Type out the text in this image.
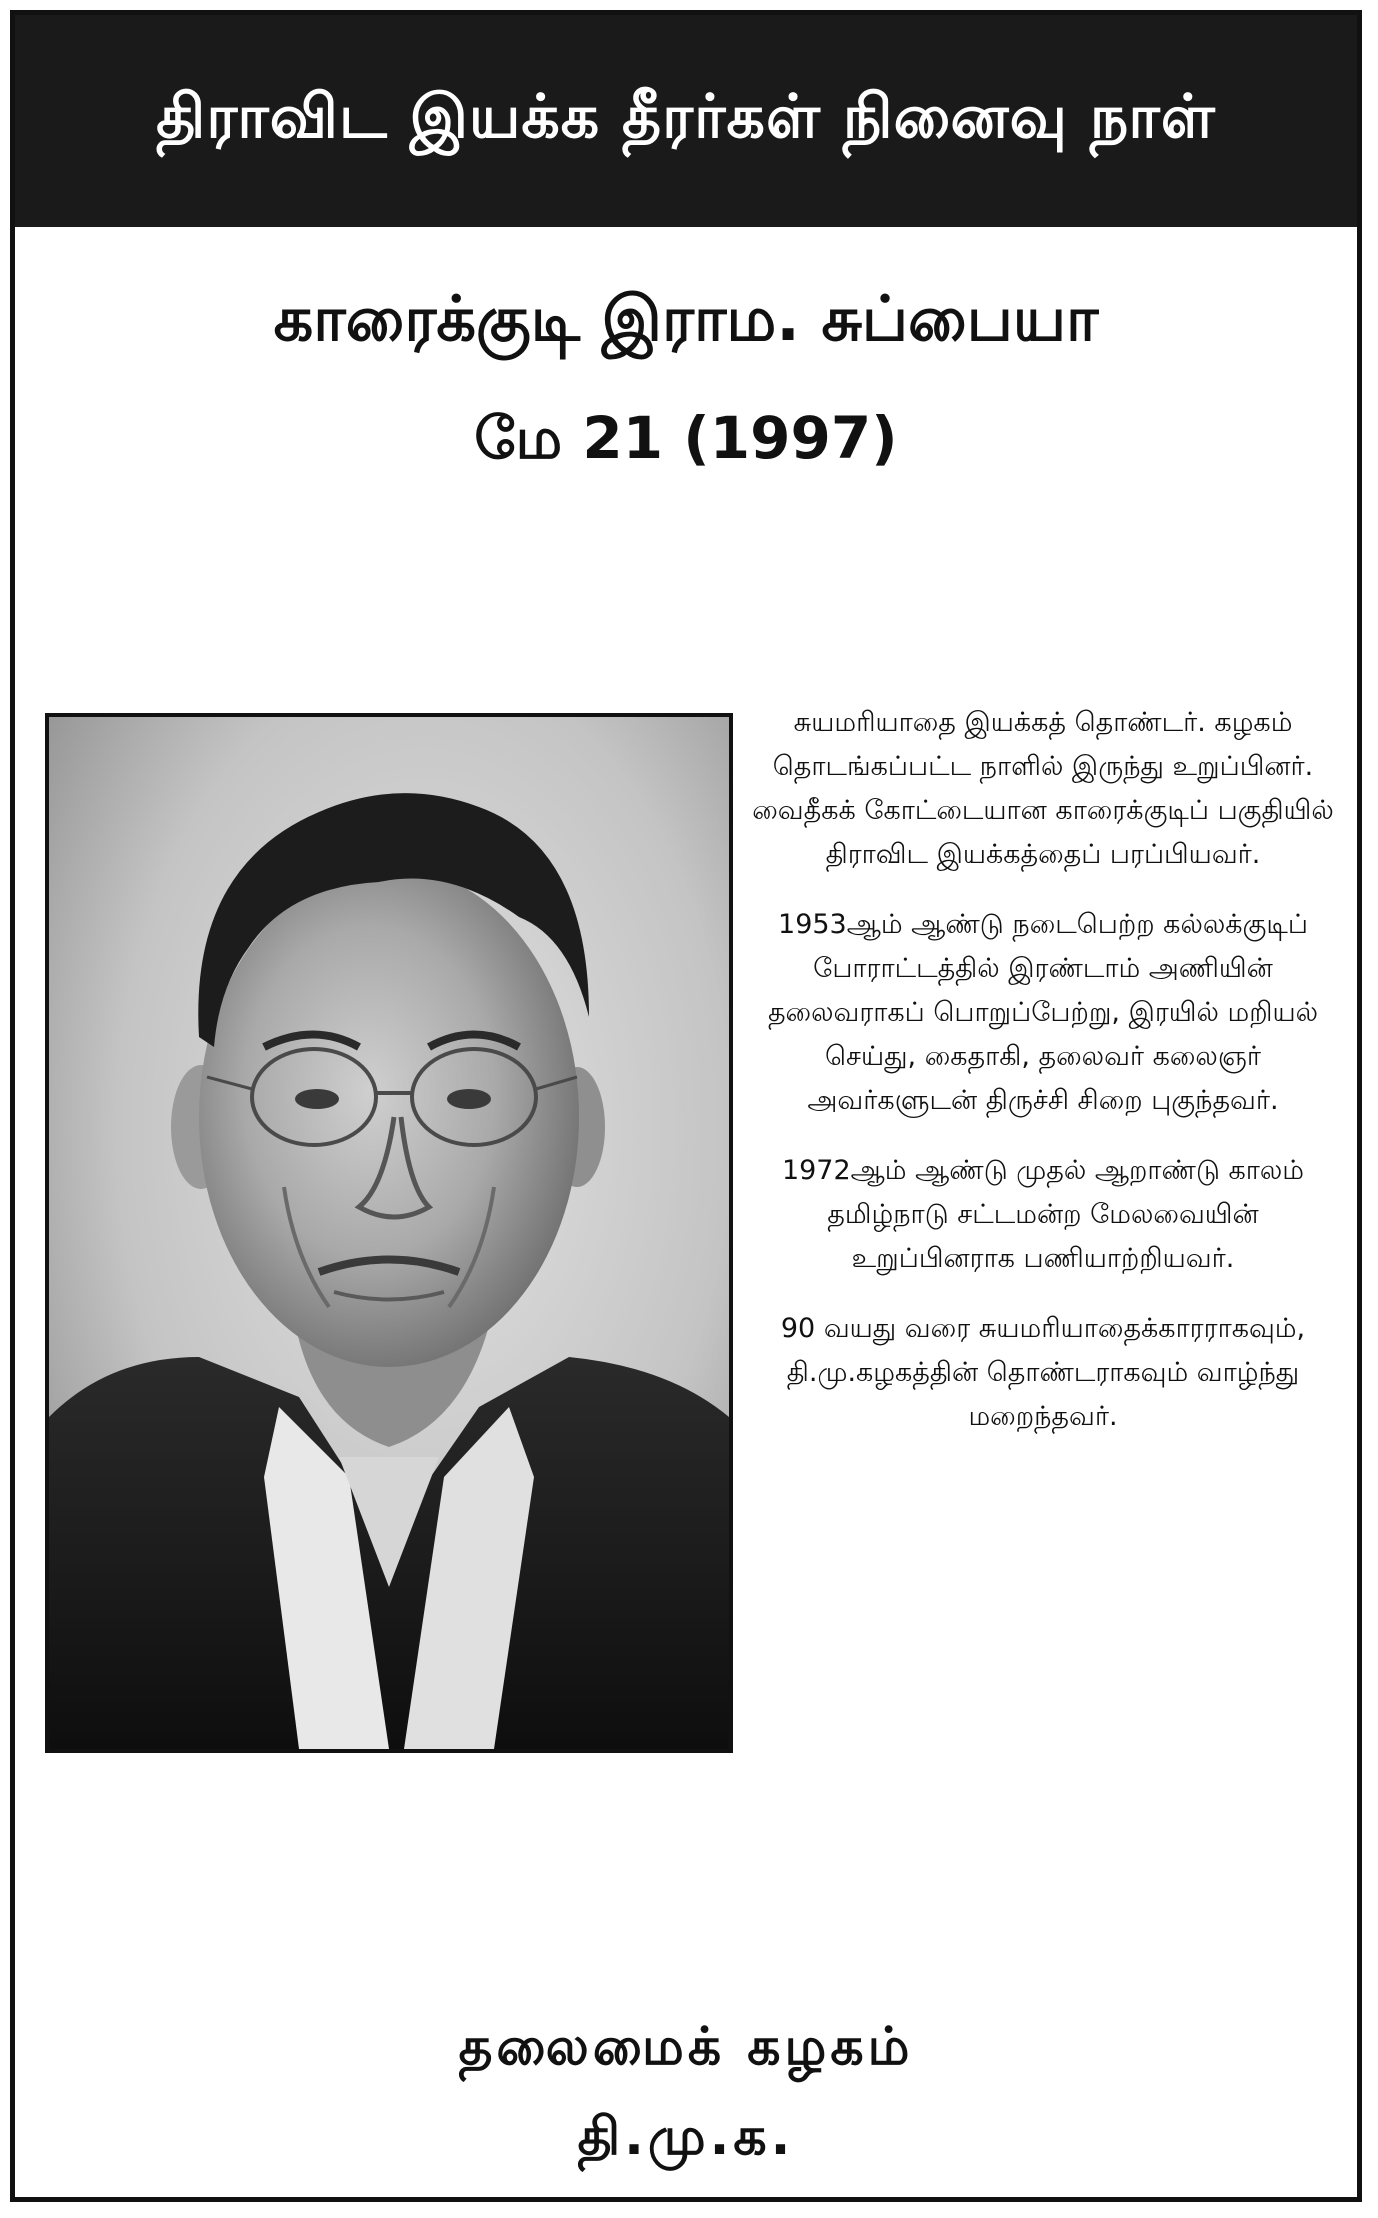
திராவிட இயக்க தீரர்கள் நினைவு நாள்
காரைக்குடி இராம. சுப்பையா
மே 21 (1997)

சுயமரியாதை இயக்கத் தொண்டர். கழகம் தொடங்கப்பட்ட நாளில் இருந்து உறுப்பினர். வைதீகக் கோட்டையான காரைக்குடிப் பகுதியில் திராவிட இயக்கத்தைப் பரப்பியவர்.

1953ஆம் ஆண்டு நடைபெற்ற கல்லக்குடிப் போராட்டத்தில் இரண்டாம் அணியின் தலைவராகப் பொறுப்பேற்று, இரயில் மறியல் செய்து, கைதாகி, தலைவர் கலைஞர் அவர்களுடன் திருச்சி சிறை புகுந்தவர்.

1972ஆம் ஆண்டு முதல் ஆறாண்டு காலம் தமிழ்நாடு சட்டமன்ற மேலவையின் உறுப்பினராக பணியாற்றியவர்.

90 வயது வரை சுயமரியாதைக்காரராகவும், தி.மு.கழகத்தின் தொண்டராகவும் வாழ்ந்து மறைந்தவர்.

தலைமைக் கழகம்
தி.மு.க.
